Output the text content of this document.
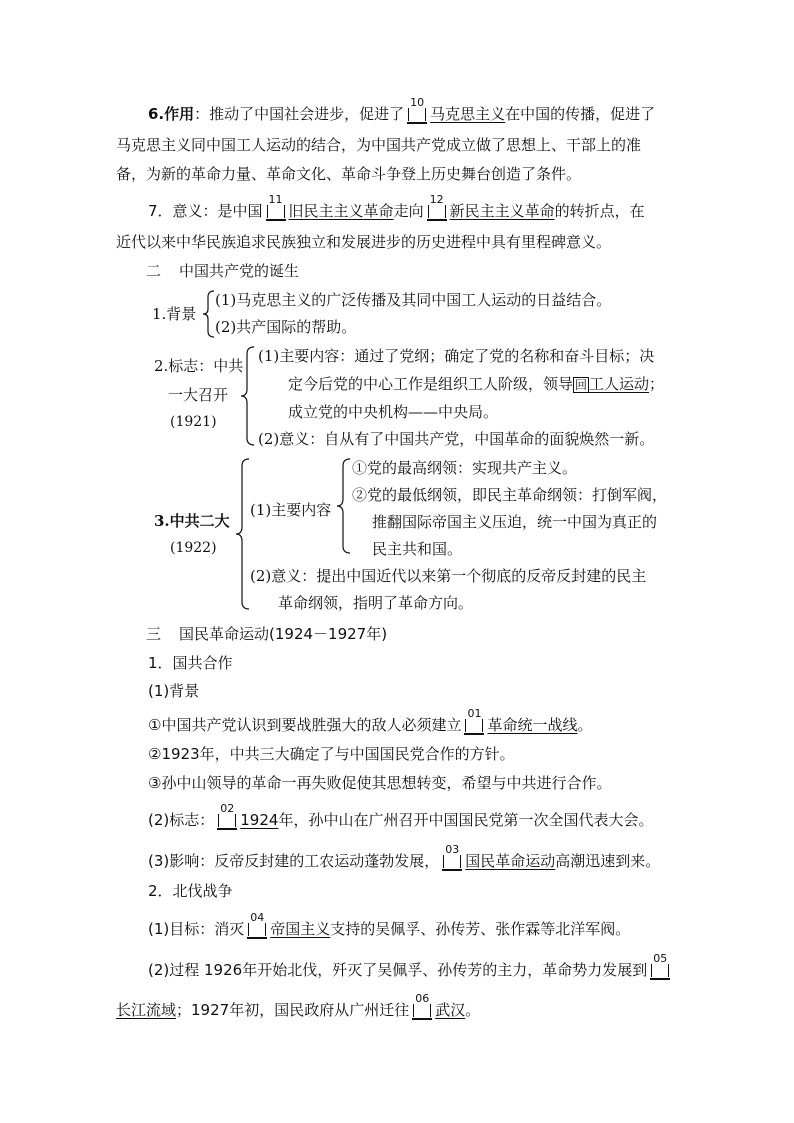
6.作用：推动了中国社会进步，促进了
10
马克思主义在中国的传播，促进了
马克思主义同中国工人运动的结合，为中国共产党成立做了思想上、干部上的准
备，为新的革命力量、革命文化、革命斗争登上历史舞台创造了条件。
7．意义：是中国
11
旧民主主义革命走向
12
新民主主义革命的转折点，在
近代以来中华民族追求民族独立和发展进步的历史进程中具有里程碑意义。
二 中国共产党的诞生
1.背景
(1)马克思主义的广泛传播及其同中国工人运动的日益结合。
(2)共产国际的帮助。
2.标志：中共
一大召开
(1921)
(1)主要内容：通过了党纲；确定了党的名称和奋斗目标；决
定今后党的中心工作是组织工人阶级，领导 回 工人运动；
成立党的中央机构——中央局。
(2)意义：自从有了中国共产党，中国革命的面貌焕然一新。
3.中共二大
(1922)
(1)主要内容
①党的最高纲领：实现共产主义。
②党的最低纲领，即民主革命纲领：打倒军阀，
推翻国际帝国主义压迫，统一中国为真正的
民主共和国。
(2)意义：提出中国近代以来第一个彻底的反帝反封建的民主
革命纲领，指明了革命方向。
三 国民革命运动(1924－1927年)
1．国共合作
(1)背景
①中国共产党认识到要战胜强大的敌人必须建立
01
革命统一战线。
②1923年，中共三大确定了与中国国民党合作的方针。
③孙中山领导的革命一再失败促使其思想转变，希望与中共进行合作。
(2)标志：
02
1924年，孙中山在广州召开中国国民党第一次全国代表大会。
(3)影响：反帝反封建的工农运动蓬勃发展，
03
国民革命运动高潮迅速到来。
2．北伐战争
(1)目标：消灭
04
帝国主义支持的吴佩孚、孙传芳、张作霖等北洋军阀。
(2)过程 1926年开始北伐，歼灭了吴佩孚、孙传芳的主力，革命势力发展到
05
长江流域；1927年初，国民政府从广州迁往
06
武汉。
